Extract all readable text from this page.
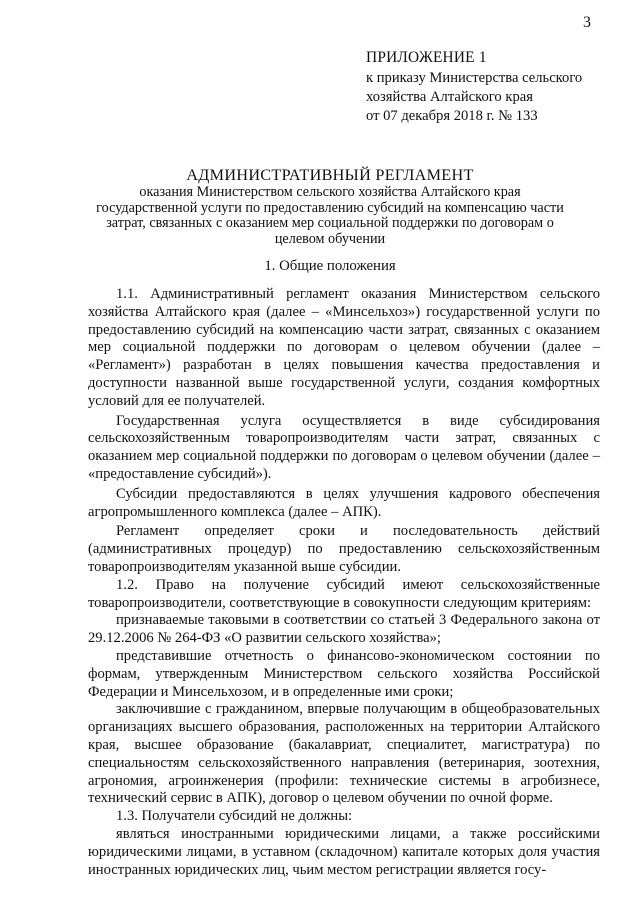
3
ПРИЛОЖЕНИЕ 1
к приказу Министерства сельского
хозяйства Алтайского края
от 07 декабря 2018 г. № 133
АДМИНИСТРАТИВНЫЙ РЕГЛАМЕНТ
оказания Министерством сельского хозяйства Алтайского края государственной услуги по предоставлению субсидий на компенсацию части затрат, связанных с оказанием мер социальной поддержки по договорам о целевом обучении
1. Общие положения

1.1. Административный регламент оказания Министерством сельского хозяйства Алтайского края (далее – «Минсельхоз») государственной услуги по предоставлению субсидий на компенсацию части затрат, связанных с оказанием мер социальной поддержки по договорам о целевом обучении (далее – «Регламент») разработан в целях повышения качества предоставления и доступности названной выше государственной услуги, создания комфортных условий для ее получателей.

Государственная услуга осуществляется в виде субсидирования сельскохозяйственным товаропроизводителям части затрат, связанных с оказанием мер социальной поддержки по договорам о целевом обучении (далее – «предоставление субсидий»).

Субсидии предоставляются в целях улучшения кадрового обеспечения агропромышленного комплекса (далее – АПК).

Регламент определяет сроки и последовательность действий (административных процедур) по предоставлению сельскохозяйственным товаропроизводителям указанной выше субсидии.

1.2. Право на получение субсидий имеют сельскохозяйственные товаропроизводители, соответствующие в совокупности следующим критериям:

признаваемые таковыми в соответствии со статьей 3 Федерального закона от 29.12.2006 № 264-ФЗ «О развитии сельского хозяйства»;

представившие отчетность о финансово-экономическом состоянии по формам, утвержденным Министерством сельского хозяйства Российской Федерации и Минсельхозом, и в определенные ими сроки;

заключившие с гражданином, впервые получающим в общеобразовательных организациях высшего образования, расположенных на территории Алтайского края, высшее образование (бакалавриат, специалитет, магистратура) по специальностям сельскохозяйственного направления (ветеринария, зоотехния, агрономия, агроинженерия (профили: технические системы в агробизнесе, технический сервис в АПК), договор о целевом обучении по очной форме.

1.3. Получатели субсидий не должны:

являться иностранными юридическими лицами, а также российскими юридическими лицами, в уставном (складочном) капитале которых доля участия иностранных юридических лиц, чьим местом регистрации является госу-
